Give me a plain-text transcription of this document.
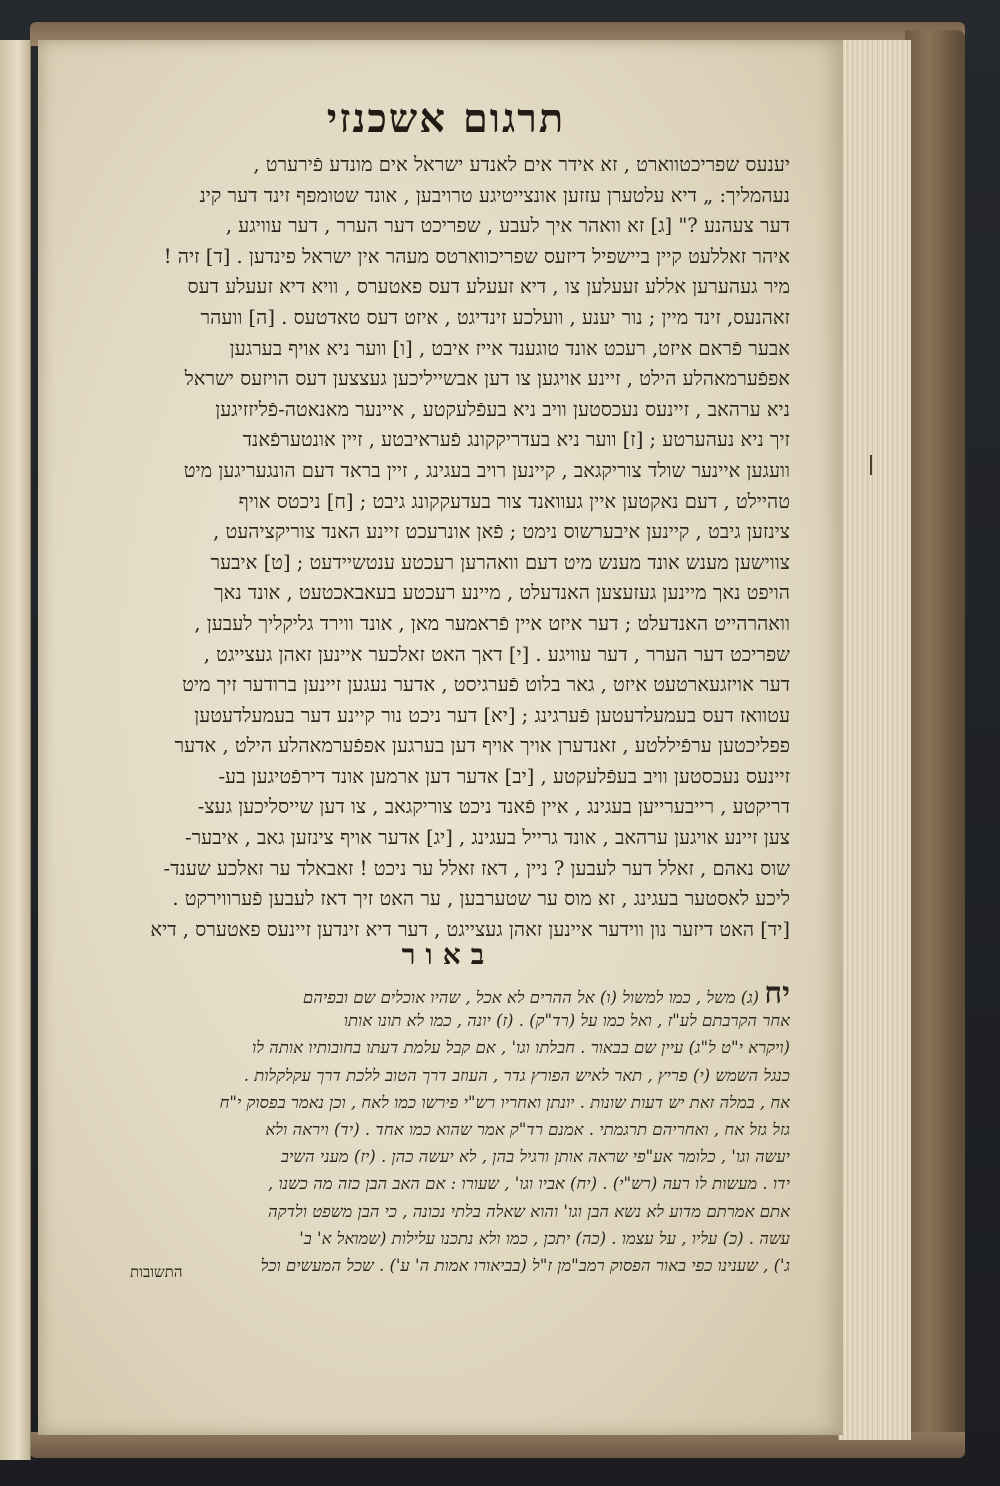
תרגום אשכנזי
יענעס שפריכטווארט , זא אידר אים לאנדע ישראל אים מונדע פֿירערט ,
נעהמליך: „ דיא עלטערן עזזען אונצייטיגע טרויבען , אונד שטומפף זינד דער קינ
דער צעהנע ?" [ג] זא וואהר איך לעבע , שפריכט דער הערר , דער עוויגע ,
איהר זאללעט קיין ביישפיל דיזעס שפריכווארטס מעהר אין ישראל פינדען . [ד] זיה !
מיר געהערען אללע זעעלען צו , דיא זעעלע דעס פאטערס , וויא דיא זעעלע דעס
זאהנעס, זינד מיין ; נור יענע , וועלכע זינדיגט , איזט דעס טאדטעס . [ה] וועהר
אבער פֿראם איזט, רעכט אונד טוגענד אייז איבט , [ו] ווער ניא אויף בערגען
אפפֿערמאהלע הילט , זיינע אויגען צו דען אבשייליכען געצצען דעס הויזעס ישראל
ניא ערהאב , זיינעס נעכסטען וויב ניא בעפֿלעקטע , איינער מאנאטה-פֿליזזיגען
זיך ניא נעהערטע ; [ז] ווער ניא בעדריקקונג פֿעראיבטע , זיין אונטערפֿאנד
וועגען איינער שולד צוריקגאב , קיינען רויב בעגינג , זיין בראד דעם הונגעריגען מיט
טהיילט , דעם נאקטען איין געוואנד צור בעדעקקונג גיבט ; [ח] ניכטס אויף
צינזען גיבט , קיינען איבערשוס נימט ; פֿאן אונרעכט זיינע האנד צוריקציהעט ,
צווישען מענש אונד מענש מיט דעם וואהרען רעכטע ענטשיידעט ; [ט] איבער
הויפט נאך מיינען געזעצען האנדעלט , מיינע רעכטע בעאבאכטעט , אונד נאך
וואהרהייט האנדעלט ; דער איזט איין פֿראמער מאן , אונד ווירד גליקליך לעבען ,
שפריכט דער הערר , דער עוויגע . [י] דאך האט זאלכער איינען זאהן געצייגט ,
דער אויזגעארטעט איזט , גאר בלוט פֿערגיסט , אדער נעגען זיינען ברודער זיך מיט
עטוואז דעס בעמעלדעטען פֿערגינג ; [יא] דער ניכט נור קיינע דער בעמעלדעטען
פפליכטען ערפֿיללטע , זאנדערן אויך אויף דען בערגען אפפֿערמאהלע הילט , אדער
זיינעס נעכסטען וויב בעפֿלעקטע , [יב] אדער דען ארמען אונד דירפֿטיגען בע-
דריקטע , רייבערייען בעגינג , איין פֿאנד ניכט צוריקגאב , צו דען שייסליכען געצ-
צען זיינע אויגען ערהאב , אונד גרייל בעגינג , [יג] אדער אויף צינזען גאב , איבער-
שוס נאהם , זאלל דער לעבען ? ניין , דאז זאלל ער ניכט ! זאבאלד ער זאלכע שענד-
ליכע לאסטער בעגינג , זא מוס ער שטערבען , ער האט זיך דאז לעבען פֿערווירקט .
[יד] האט דיזער נון ווידער איינען זאהן געצייגט , דער דיא זינדען זיינעס פאטערס , דיא
באור
יח (ג) משל , כמו למשול (ו) אל ההרים לא אכל , שהיו אוכלים שם ובפיהם
אחר הקרבתם לע"ז , ואל כמו על (רד"ק) . (ז) יונה , כמו לא תונו אותו
(ויקרא י"ט ל"ג) עיין שם בבאור . חבלתו וגו' , אם קבל עלמת דעתו בחובותיו אותה לו
כנגל השמש (י) פריץ , תאר לאיש הפורץ גדר , העוזב דרך הטוב ללכת דרך עקלקלות .
אח , במלה זאת יש דעות שונות . יונתן ואחריו רש"י פירשו כמו לאח , וכן נאמר בפסוק י"ח
גזל גזל אח , ואחריהם תרגמתי . אמנם רד"ק אמר שהוא כמו אחד . (יד) ויראה ולא
יעשה וגו' , כלומר אע"פי שראה אותן ורגיל בהן , לא יעשה כהן . (יז) מעני השיב
ידו . מעשות לו רעה (רש"י) . (יח) אביו וגו' , שעורו : אם האב הבן כזה מה כשנו ,
אתם אמרתם מדוע לא נשא הבן וגו' והוא שאלה בלתי נכונה , כי הבן משפט ולדקה
עשה . (כ) עליו , על עצמו . (כה) יתכן , כמו ולא נתכנו עלילות (שמואל א' ב'
ג') , שענינו כפי באור הפסוק רמב"מן ז"ל (בביאורו אמות ה' ע') . שכל המעשים וכל
התשובות
